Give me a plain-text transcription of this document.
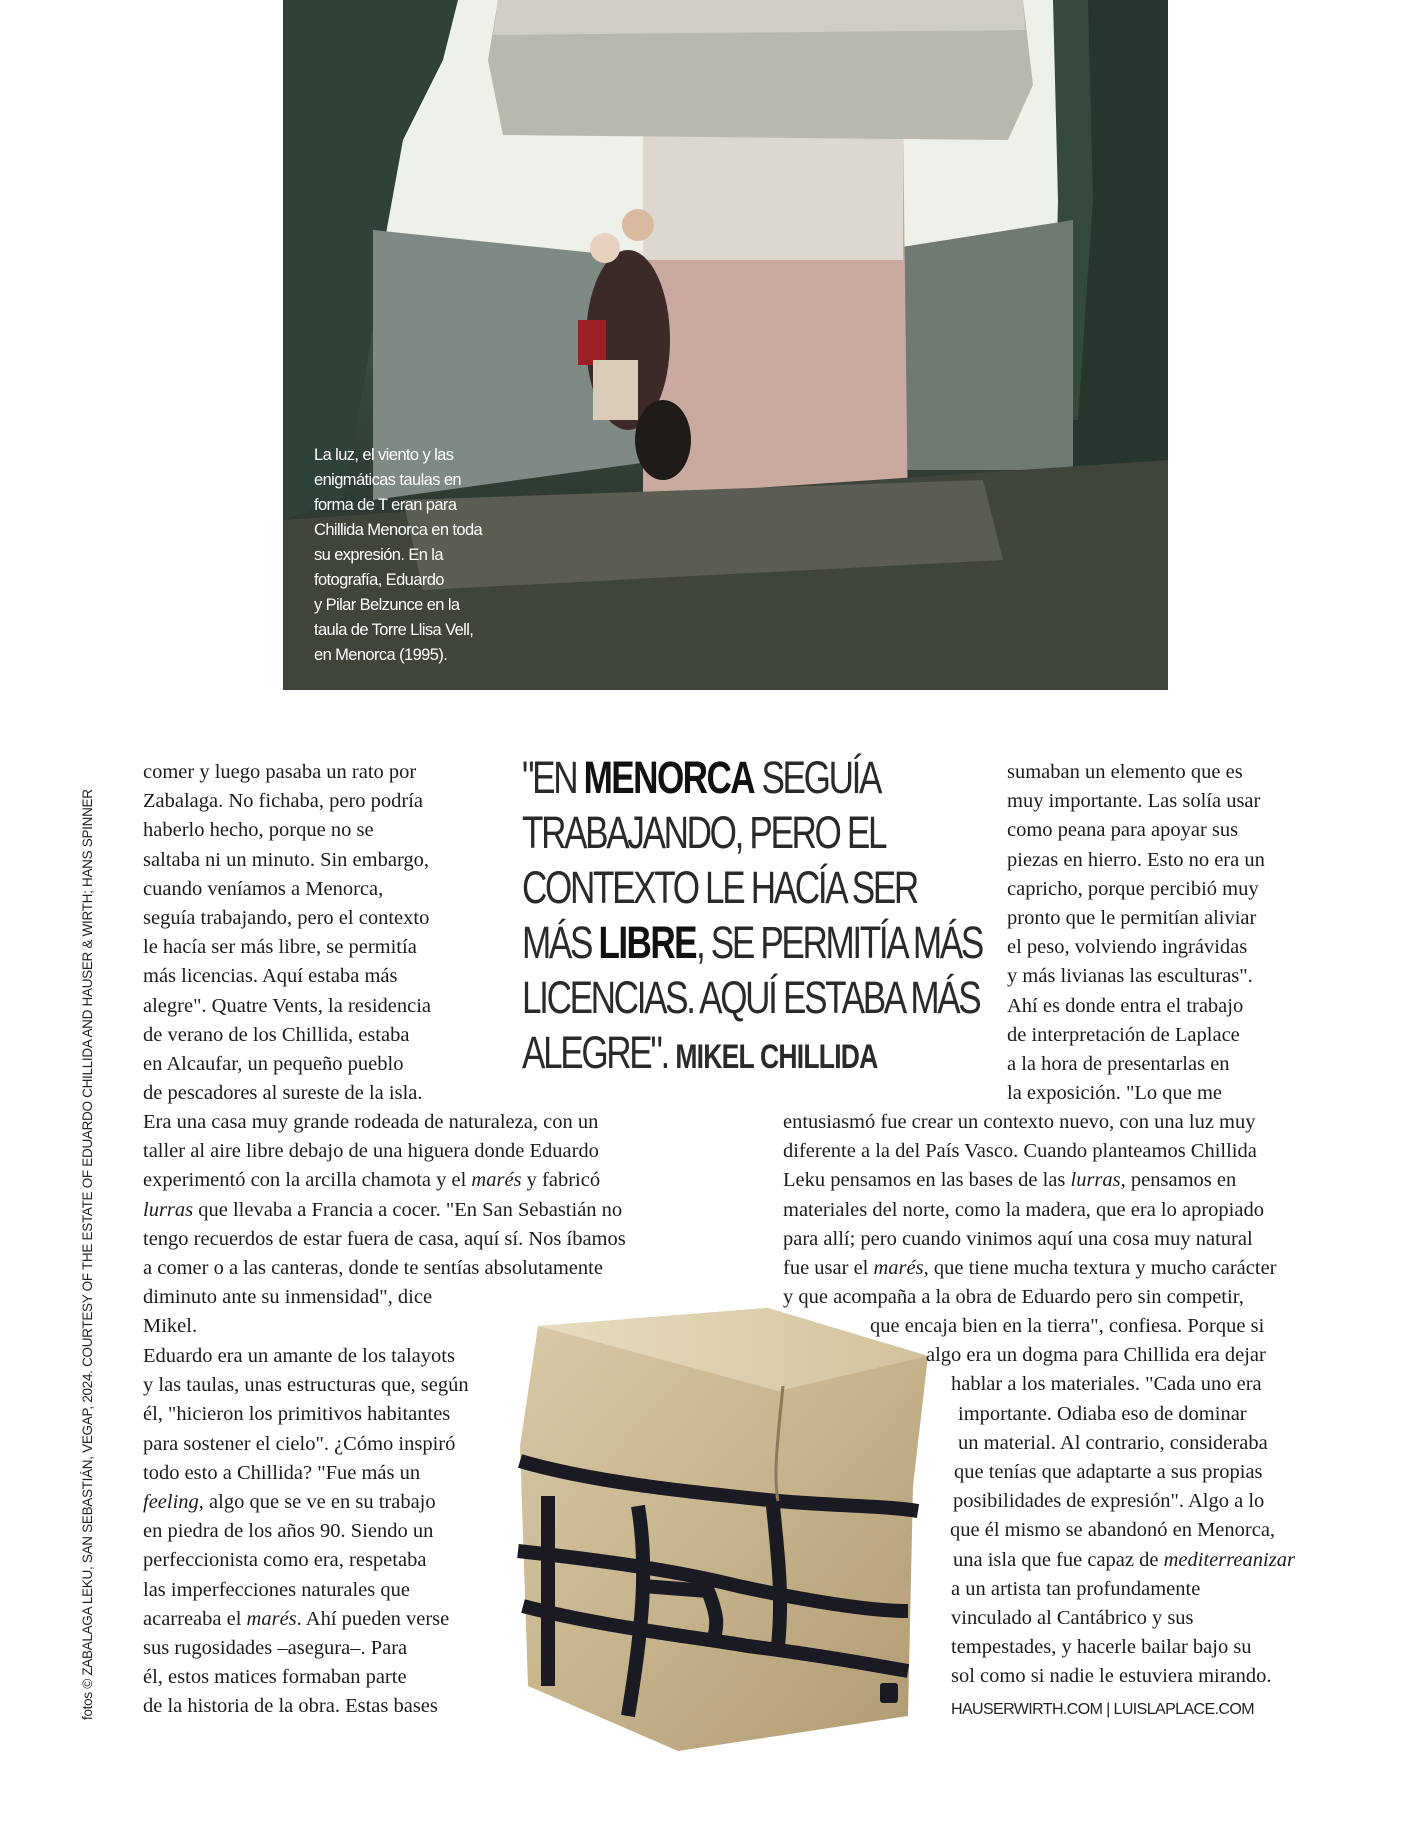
La luz, el viento y las
enigmáticas taulas en
forma de T eran para
Chillida Menorca en toda
su expresión. En la
fotografía, Eduardo
y Pilar Belzunce en la
taula de Torre Llisa Vell,
en Menorca (1995).
fotos © ZABALAGA LEKU, SAN SEBASTIÁN, VEGAP, 2024. COURTESY OF THE ESTATE OF EDUARDO CHILLIDA AND HAUSER & WIRTH; HANS SPINNER
"EN MENORCA SEGUÍA TRABAJANDO, PERO EL CONTEXTO LE HACÍA SER MÁS LIBRE, SE PERMITÍA MÁS LICENCIAS. AQUÍ ESTABA MÁS ALEGRE". MIKEL CHILLIDA
comer y luego pasaba un rato por
Zabalaga. No fichaba, pero podría
haberlo hecho, porque no se
saltaba ni un minuto. Sin embargo,
cuando veníamos a Menorca,
seguía trabajando, pero el contexto
le hacía ser más libre, se permitía
más licencias. Aquí estaba más
alegre". Quatre Vents, la residencia
de verano de los Chillida, estaba
en Alcaufar, un pequeño pueblo
de pescadores al sureste de la isla.
Era una casa muy grande rodeada de naturaleza, con un
taller al aire libre debajo de una higuera donde Eduardo
experimentó con la arcilla chamota y el marés y fabricó
lurras que llevaba a Francia a cocer. "En San Sebastián no
tengo recuerdos de estar fuera de casa, aquí sí. Nos íbamos
a comer o a las canteras, donde te sentías absolutamente
diminuto ante su inmensidad", dice
Mikel.
Eduardo era un amante de los talayots
y las taulas, unas estructuras que, según
él, "hicieron los primitivos habitantes
para sostener el cielo". ¿Cómo inspiró
todo esto a Chillida? "Fue más un
feeling, algo que se ve en su trabajo
en piedra de los años 90. Siendo un
perfeccionista como era, respetaba
las imperfecciones naturales que
acarreaba el marés. Ahí pueden verse
sus rugosidades –asegura–. Para
él, estos matices formaban parte
de la historia de la obra. Estas bases
sumaban un elemento que es
muy importante. Las solía usar
como peana para apoyar sus
piezas en hierro. Esto no era un
capricho, porque percibió muy
pronto que le permitían aliviar
el peso, volviendo ingrávidas
y más livianas las esculturas".
Ahí es donde entra el trabajo
de interpretación de Laplace
a la hora de presentarlas en
la exposición. "Lo que me
entusiasmó fue crear un contexto nuevo, con una luz muy
diferente a la del País Vasco. Cuando planteamos Chillida
Leku pensamos en las bases de las lurras, pensamos en
materiales del norte, como la madera, que era lo apropiado
para allí; pero cuando vinimos aquí una cosa muy natural
fue usar el marés, que tiene mucha textura y mucho carácter
y que acompaña a la obra de Eduardo pero sin competir,
que encaja bien en la tierra", confiesa. Porque si
algo era un dogma para Chillida era dejar
hablar a los materiales. "Cada uno era
importante. Odiaba eso de dominar
un material. Al contrario, consideraba
que tenías que adaptarte a sus propias
posibilidades de expresión". Algo a lo
que él mismo se abandonó en Menorca,
una isla que fue capaz de mediterreanizar
a un artista tan profundamente
vinculado al Cantábrico y sus
tempestades, y hacerle bailar bajo su
sol como si nadie le estuviera mirando.
HAUSERWIRTH.COM | LUISLAPLACE.COM
